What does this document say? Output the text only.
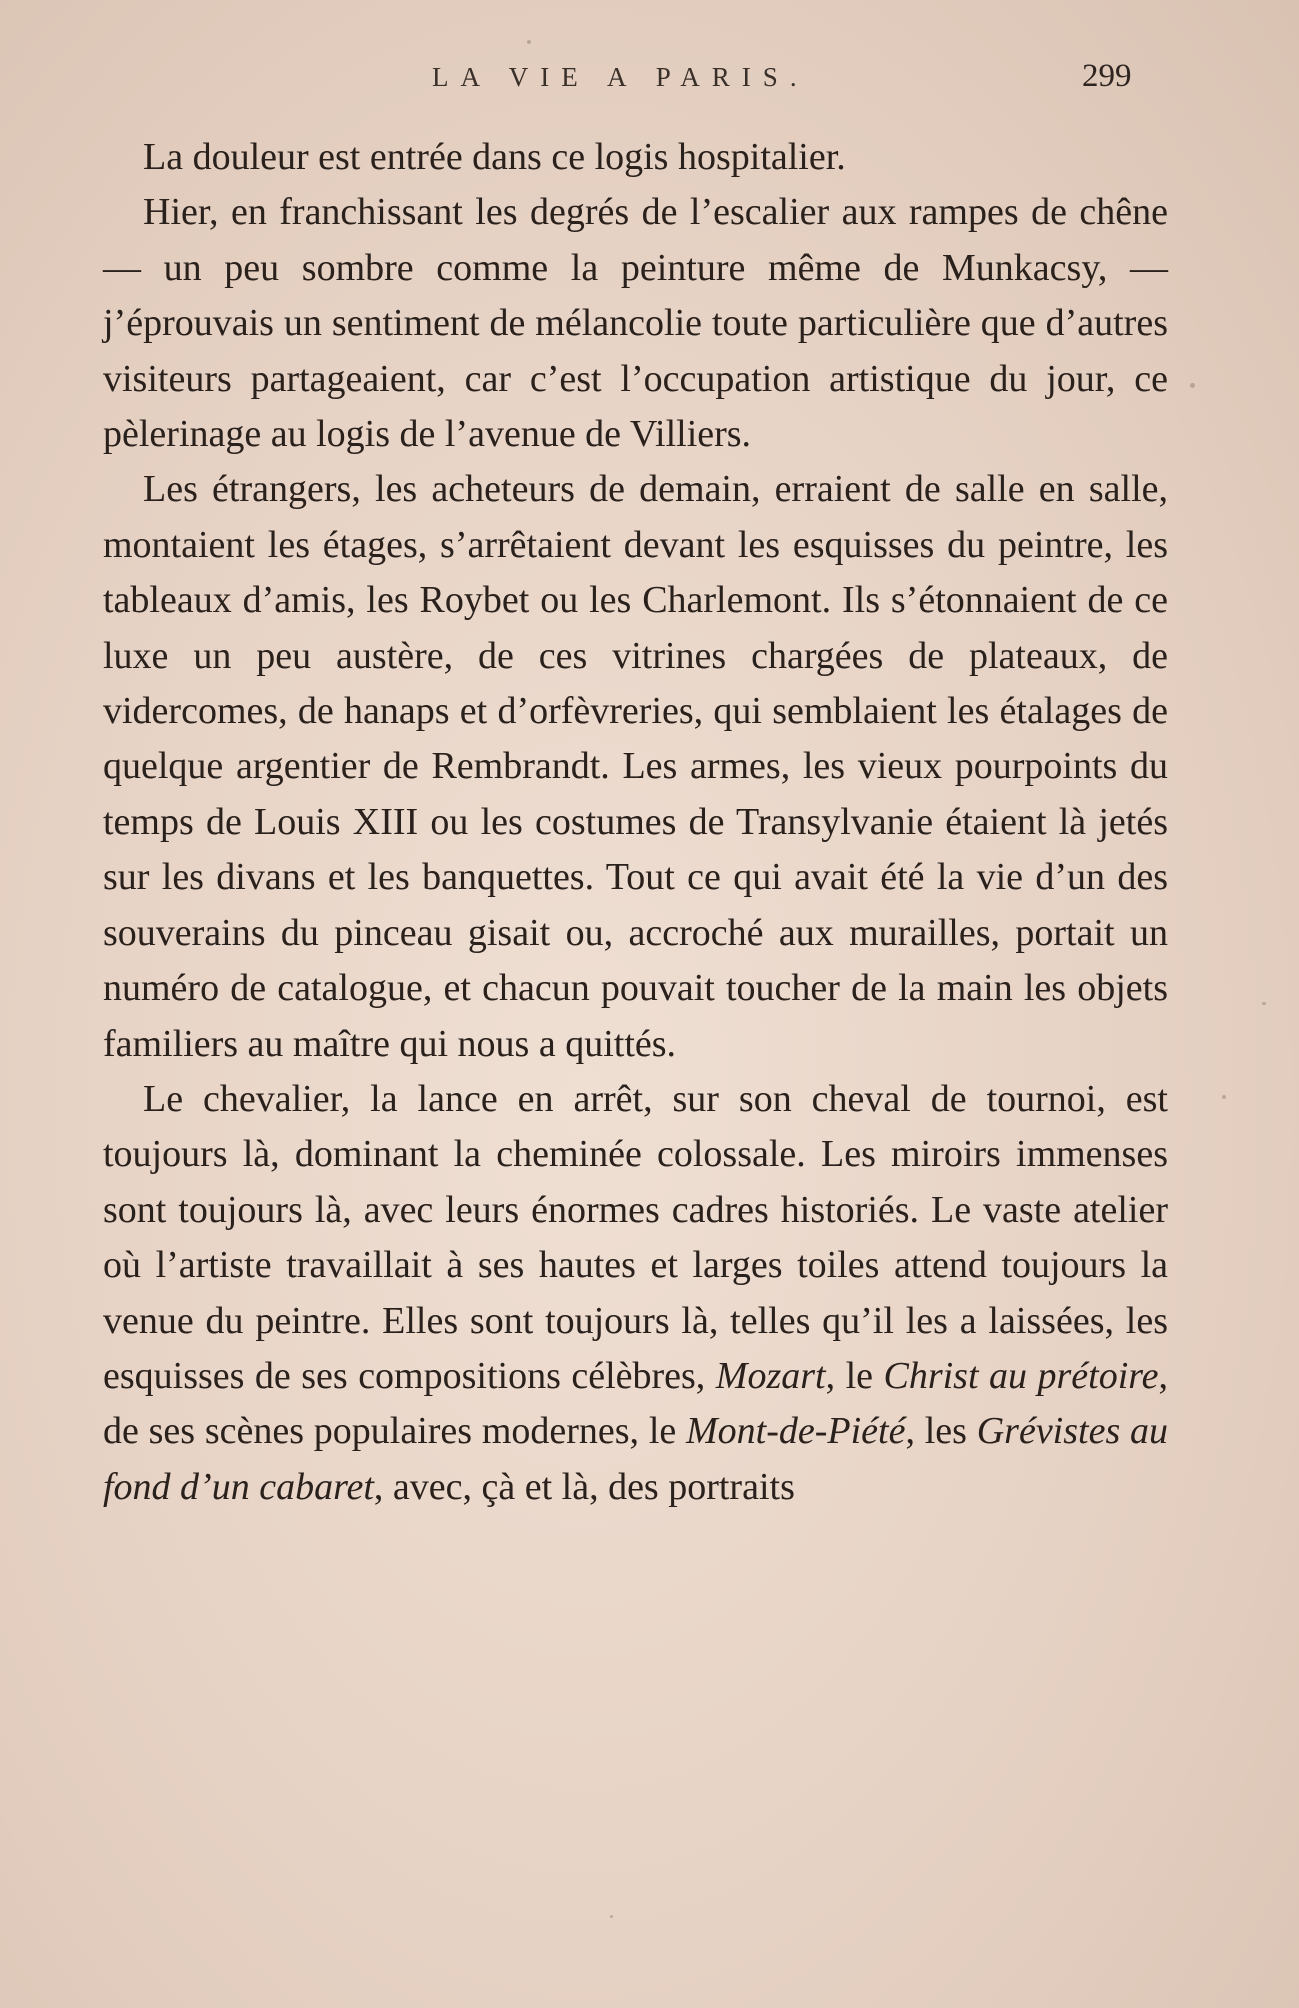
LA VIE A PARIS.	299

La douleur est entrée dans ce logis hospitalier.

Hier, en franchissant les degrés de l’escalier aux rampes de chêne — un peu sombre comme la peinture même de Munkacsy, — j’éprouvais un sentiment de mélancolie toute particulière que d’autres visiteurs partageaient, car c’est l’occupation artistique du jour, ce pèlerinage au logis de l’avenue de Villiers.

Les étrangers, les acheteurs de demain, erraient de salle en salle, montaient les étages, s’arrêtaient devant les esquisses du peintre, les tableaux d’amis, les Roybet ou les Charlemont. Ils s’étonnaient de ce luxe un peu austère, de ces vitrines chargées de plateaux, de vidercomes, de hanaps et d’orfèvreries, qui semblaient les étalages de quelque argentier de Rembrandt. Les armes, les vieux pourpoints du temps de Louis XIII ou les costumes de Transylvanie étaient là jetés sur les divans et les banquettes. Tout ce qui avait été la vie d’un des souverains du pinceau gisait ou, accroché aux murailles, portait un numéro de catalogue, et chacun pouvait toucher de la main les objets familiers au maître qui nous a quittés.

Le chevalier, la lance en arrêt, sur son cheval de tournoi, est toujours là, dominant la cheminée colossale. Les miroirs immenses sont toujours là, avec leurs énormes cadres historiés. Le vaste atelier où l’artiste travaillait à ses hautes et larges toiles attend toujours la venue du peintre. Elles sont toujours là, telles qu’il les a laissées, les esquisses de ses compositions célèbres, Mozart, le Christ au prétoire, de ses scènes populaires modernes, le Mont-de-Piété, les Grévistes au fond d’un cabaret, avec, çà et là, des portraits
